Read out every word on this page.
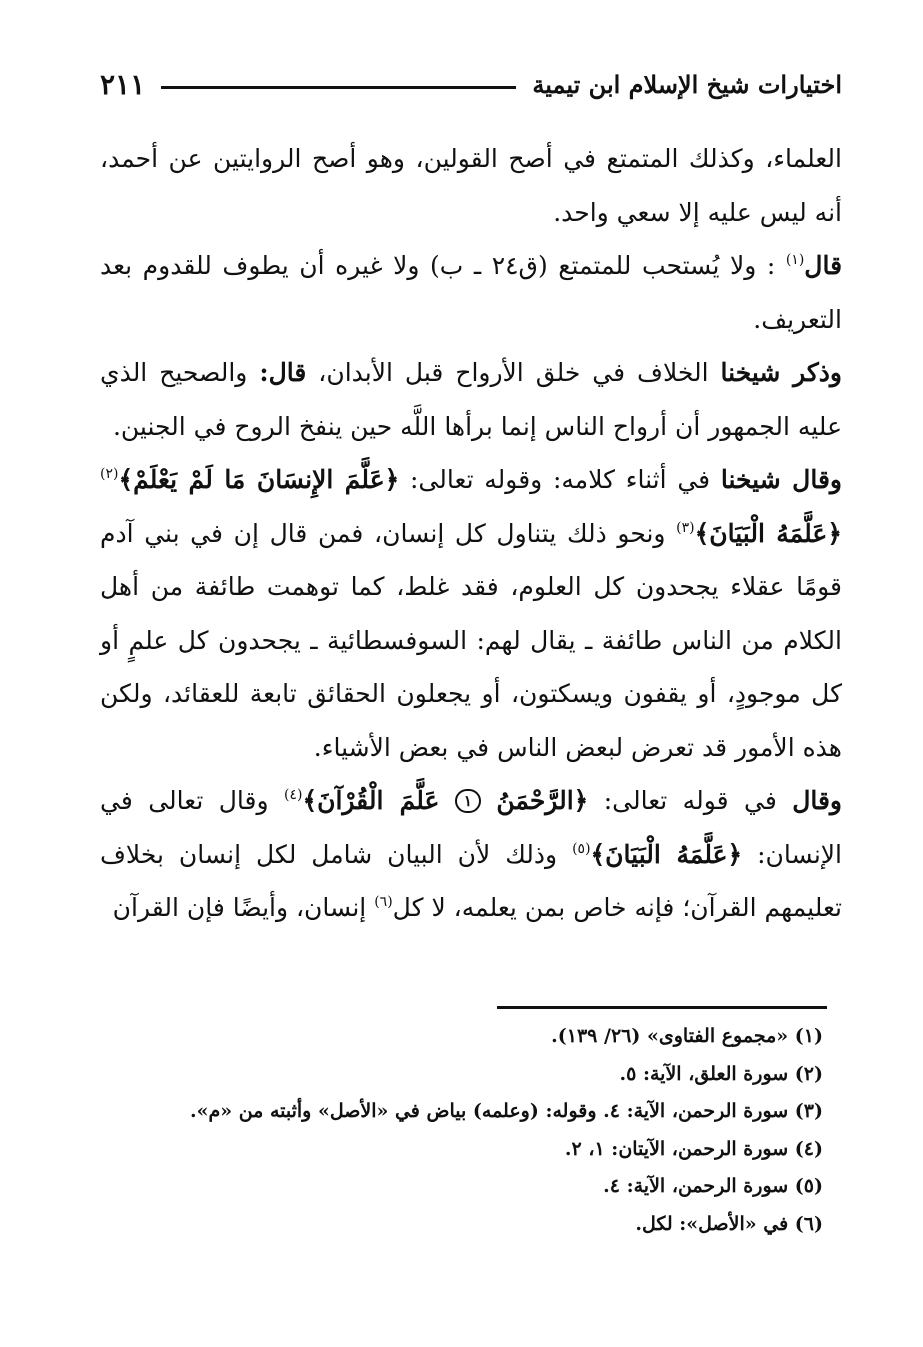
اختيارات شيخ الإسلام ابن تيمية
٢١١

العلماء، وكذلك المتمتع في أصح القولين، وهو أصح الروايتين عن أحمد، أنه ليس عليه إلا سعي واحد.

قال$^{(١)}$ : ولا يُستحب للمتمتع (ق٢٤ ـ ب) ولا غيره أن يطوف للقدوم بعد التعريف.

وذكر شيخنا الخلاف في خلق الأرواح قبل الأبدان، قال: والصحيح الذي عليه الجمهور أن أرواح الناس إنما برأها اللَّه حين ينفخ الروح في الجنين.

وقال شيخنا في أثناء كلامه: وقوله تعالى: ﴿عَلَّمَ الإِنسَانَ مَا لَمْ يَعْلَمْ﴾$^{(٢)}$ ﴿عَلَّمَهُ الْبَيَانَ﴾$^{(٣)}$ ونحو ذلك يتناول كل إنسان، فمن قال إن في بني آدم قومًا عقلاء يجحدون كل العلوم، فقد غلط، كما توهمت طائفة من أهل الكلام من الناس طائفة ـ يقال لهم: السوفسطائية ـ يجحدون كل علمٍ أو كل موجودٍ، أو يقفون ويسكتون، أو يجعلون الحقائق تابعة للعقائد، ولكن هذه الأمور قد تعرض لبعض الناس في بعض الأشياء.

وقال في قوله تعالى: ﴿الرَّحْمَنُ ١ عَلَّمَ الْقُرْآنَ﴾$^{(٤)}$ وقال تعالى في الإنسان: ﴿عَلَّمَهُ الْبَيَانَ﴾$^{(٥)}$ وذلك لأن البيان شامل لكل إنسان بخلاف تعليمهم القرآن؛ فإنه خاص بمن يعلمه، لا كل$^{(٦)}$ إنسان، وأيضًا فإن القرآن

(١) «مجموع الفتاوى» (٢٦/ ١٣٩).
(٢) سورة العلق، الآية: ٥.
(٣) سورة الرحمن، الآية: ٤. وقوله: (وعلمه) بياض في «الأصل» وأثبته من «م».
(٤) سورة الرحمن، الآيتان: ١، ٢.
(٥) سورة الرحمن، الآية: ٤.
(٦) في «الأصل»: لكل.
